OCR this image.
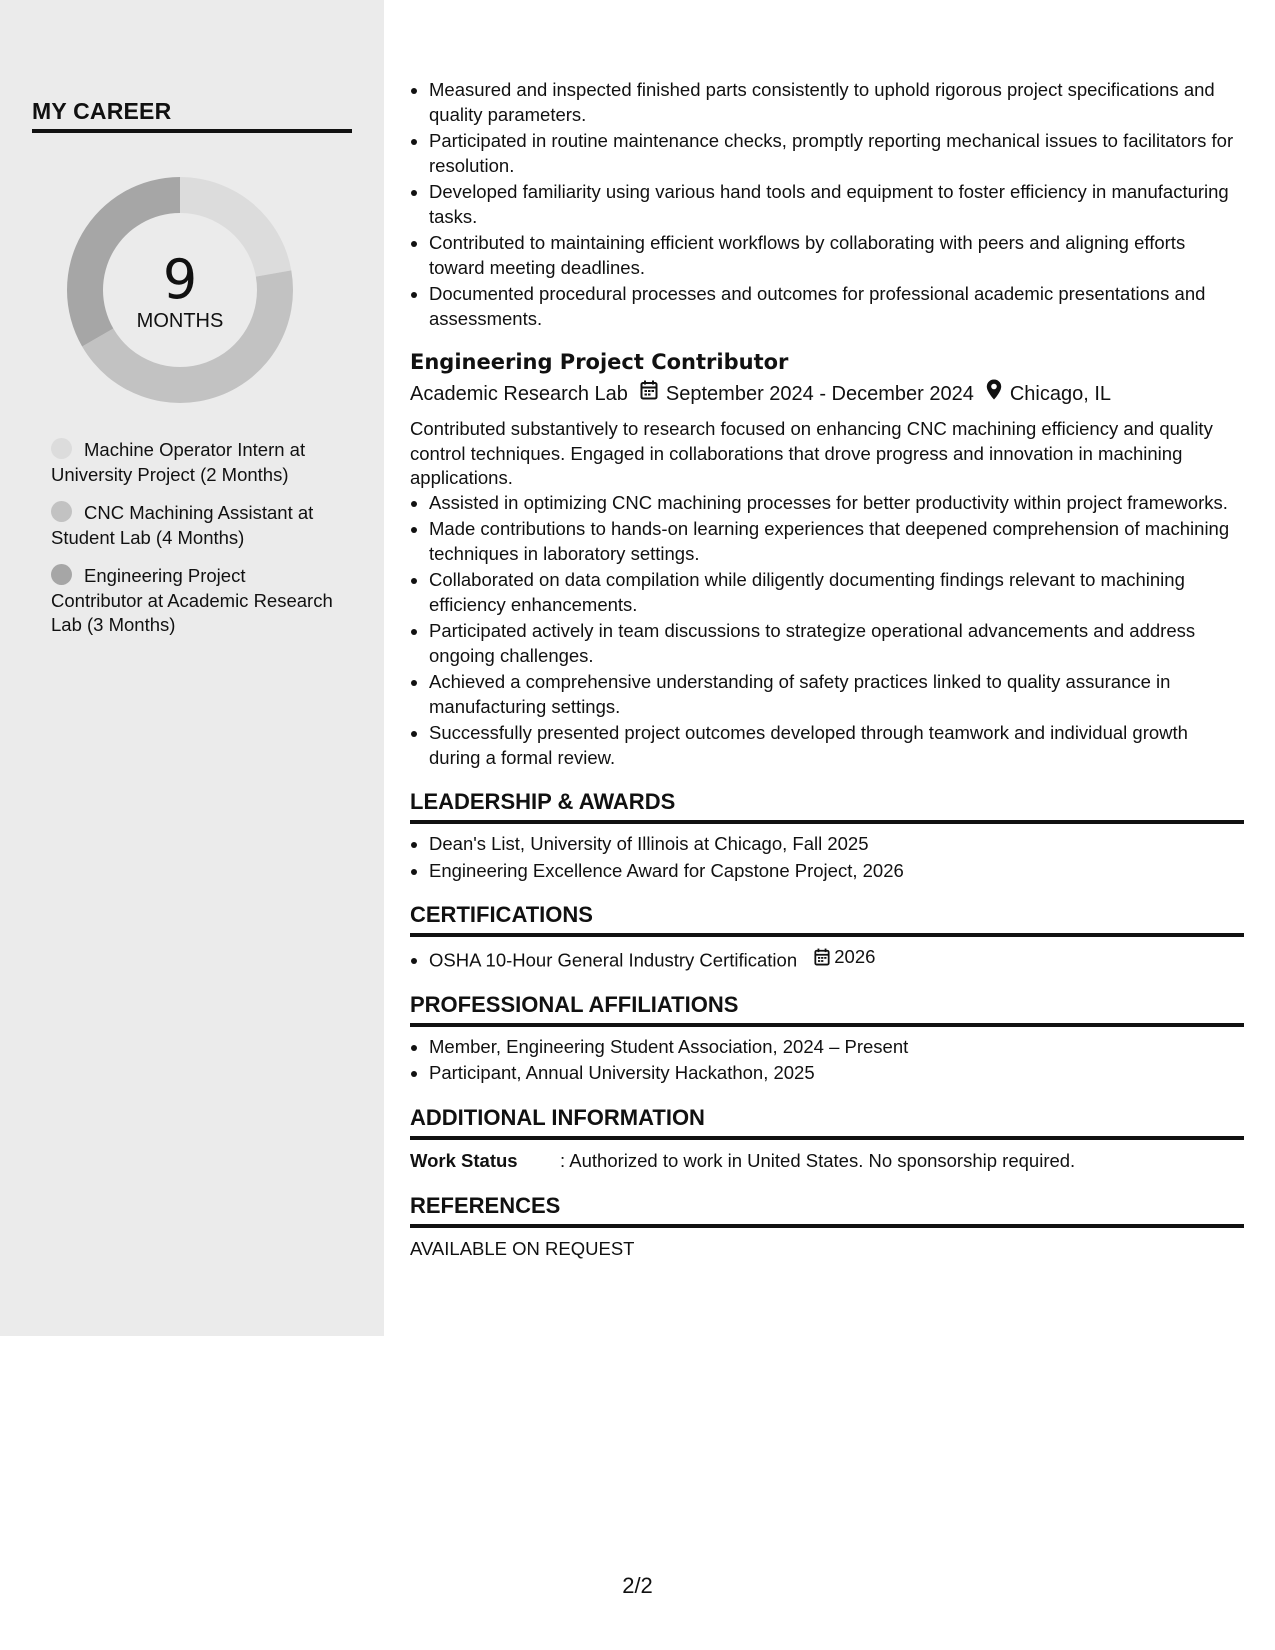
MY CAREER
9
MONTHS
Machine Operator Intern at University Project (2 Months)
CNC Machining Assistant at Student Lab (4 Months)
Engineering Project Contributor at Academic Research Lab (3 Months)
• Measured and inspected finished parts consistently to uphold rigorous project specifications and quality parameters.
• Participated in routine maintenance checks, promptly reporting mechanical issues to facilitators for resolution.
• Developed familiarity using various hand tools and equipment to foster efficiency in manufacturing tasks.
• Contributed to maintaining efficient workflows by collaborating with peers and aligning efforts toward meeting deadlines.
• Documented procedural processes and outcomes for professional academic presentations and assessments.
Engineering Project Contributor
Academic Research Lab September 2024 - December 2024 Chicago, IL
Contributed substantively to research focused on enhancing CNC machining efficiency and quality control techniques. Engaged in collaborations that drove progress and innovation in machining applications.
• Assisted in optimizing CNC machining processes for better productivity within project frameworks.
• Made contributions to hands-on learning experiences that deepened comprehension of machining techniques in laboratory settings.
• Collaborated on data compilation while diligently documenting findings relevant to machining efficiency enhancements.
• Participated actively in team discussions to strategize operational advancements and address ongoing challenges.
• Achieved a comprehensive understanding of safety practices linked to quality assurance in manufacturing settings.
• Successfully presented project outcomes developed through teamwork and individual growth during a formal review.
LEADERSHIP & AWARDS
• Dean's List, University of Illinois at Chicago, Fall 2025
• Engineering Excellence Award for Capstone Project, 2026
CERTIFICATIONS
• OSHA 10-Hour General Industry Certification 2026
PROFESSIONAL AFFILIATIONS
• Member, Engineering Student Association, 2024 – Present
• Participant, Annual University Hackathon, 2025
ADDITIONAL INFORMATION
Work Status	: Authorized to work in United States. No sponsorship required.
REFERENCES
AVAILABLE ON REQUEST
2/2
